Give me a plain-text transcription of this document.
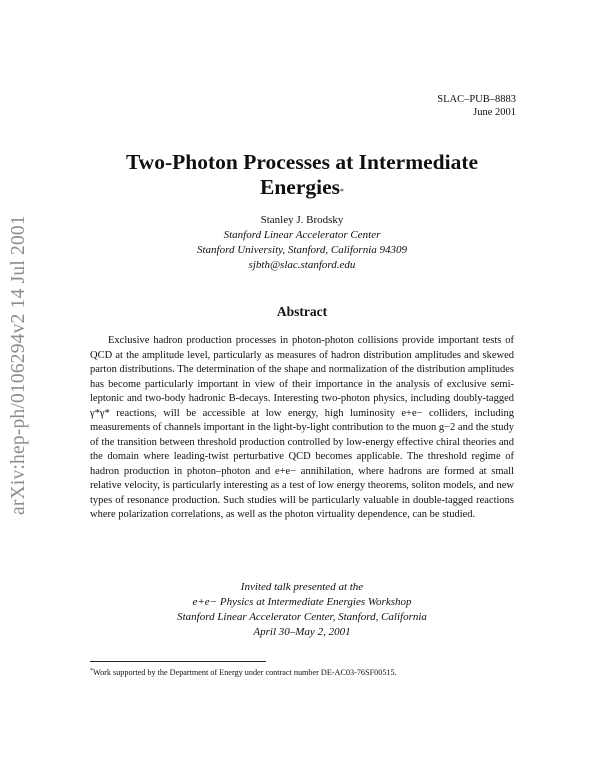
arXiv:hep-ph/0106294v2 14 Jul 2001
SLAC–PUB–8883
June 2001
Two-Photon Processes at Intermediate
Energies*
Stanley J. Brodsky
Stanford Linear Accelerator Center
Stanford University, Stanford, California 94309
sjbth@slac.stanford.edu
Abstract

Exclusive hadron production processes in photon-photon collisions provide important tests of QCD at the amplitude level, particularly as measures of hadron distribution amplitudes and skewed parton distributions. The determination of the shape and normalization of the distribution amplitudes has become particularly important in view of their importance in the analysis of exclusive semi-leptonic and two-body hadronic B-decays. Interesting two-photon physics, including doubly-tagged γ*γ* reactions, will be accessible at low energy, high luminosity e+e− colliders, including measurements of channels important in the light-by-light contribution to the muon g−2 and the study of the transition between threshold production controlled by low-energy effective chiral theories and the domain where leading-twist perturbative QCD becomes applicable. The threshold regime of hadron production in photon–photon and e+e− annihilation, where hadrons are formed at small relative velocity, is particularly interesting as a test of low energy theorems, soliton models, and new types of resonance production. Such studies will be particularly valuable in double-tagged reactions where polarization correlations, as well as the photon virtuality dependence, can be studied.

Invited talk presented at the
e+e− Physics at Intermediate Energies Workshop
Stanford Linear Accelerator Center, Stanford, California
April 30–May 2, 2001
*Work supported by the Department of Energy under contract number DE-AC03-76SF00515.
